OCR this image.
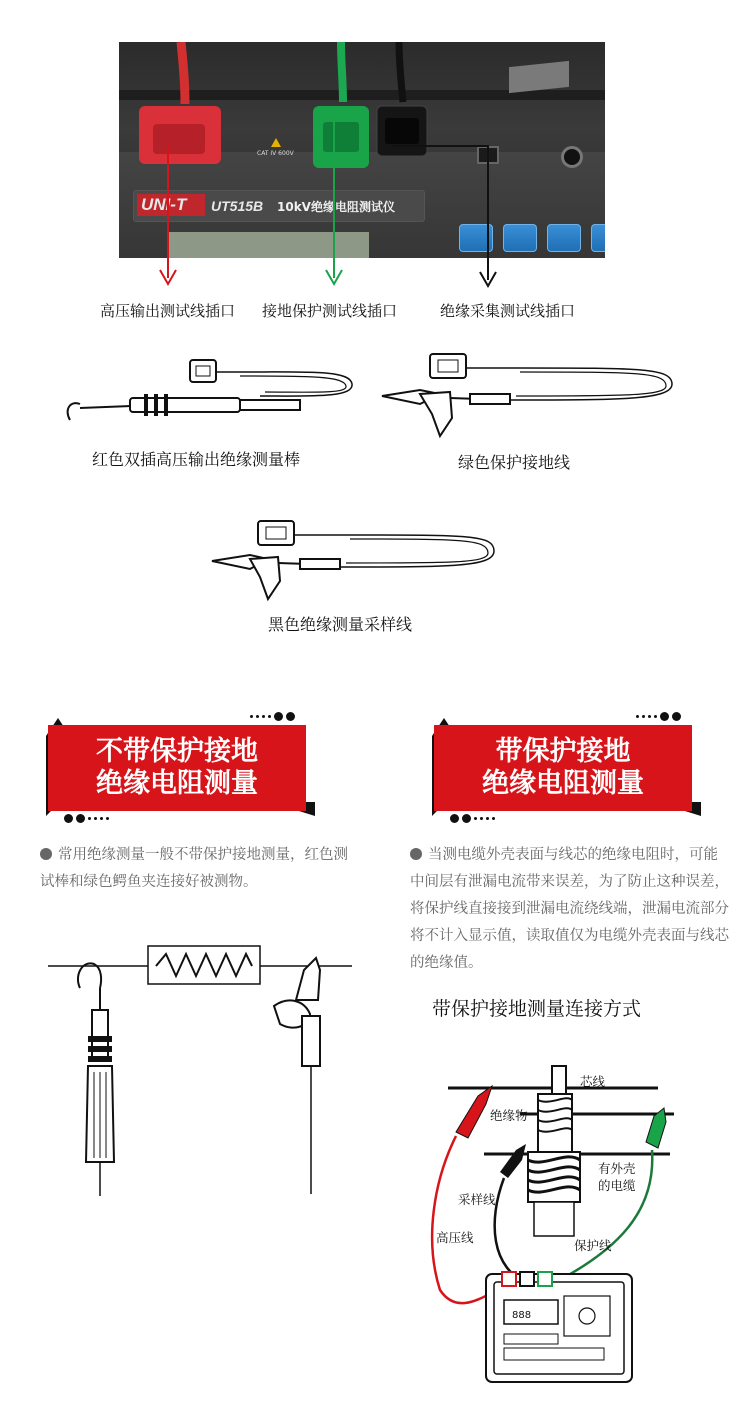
UNI-T UT515B 10kV绝缘电阻测试仪
CAT IV 600V
高压输出测试线插口 接地保护测试线插口	绝缘采集测试线插口
红色双插高压输出绝缘测量棒	绿色保护接地线
黑色绝缘测量采样线
不带保护接地
绝缘电阻测量
常用绝缘测量一般不带保护接地测量，红色测试棒和绿色鳄鱼夹连接好被测物。
带保护接地
绝缘电阻测量
当测电缆外壳表面与线芯的绝缘电阻时，可能中间层有泄漏电流带来误差，为了防止这种误差，将保护线直接接到泄漏电流绕线端，泄漏电流部分将不计入显示值，读取值仅为电缆外壳表面与线芯的绝缘值。
带保护接地测量连接方式
888
芯线
绝缘物
有外壳
的电缆
采样线
高压线
保护线
